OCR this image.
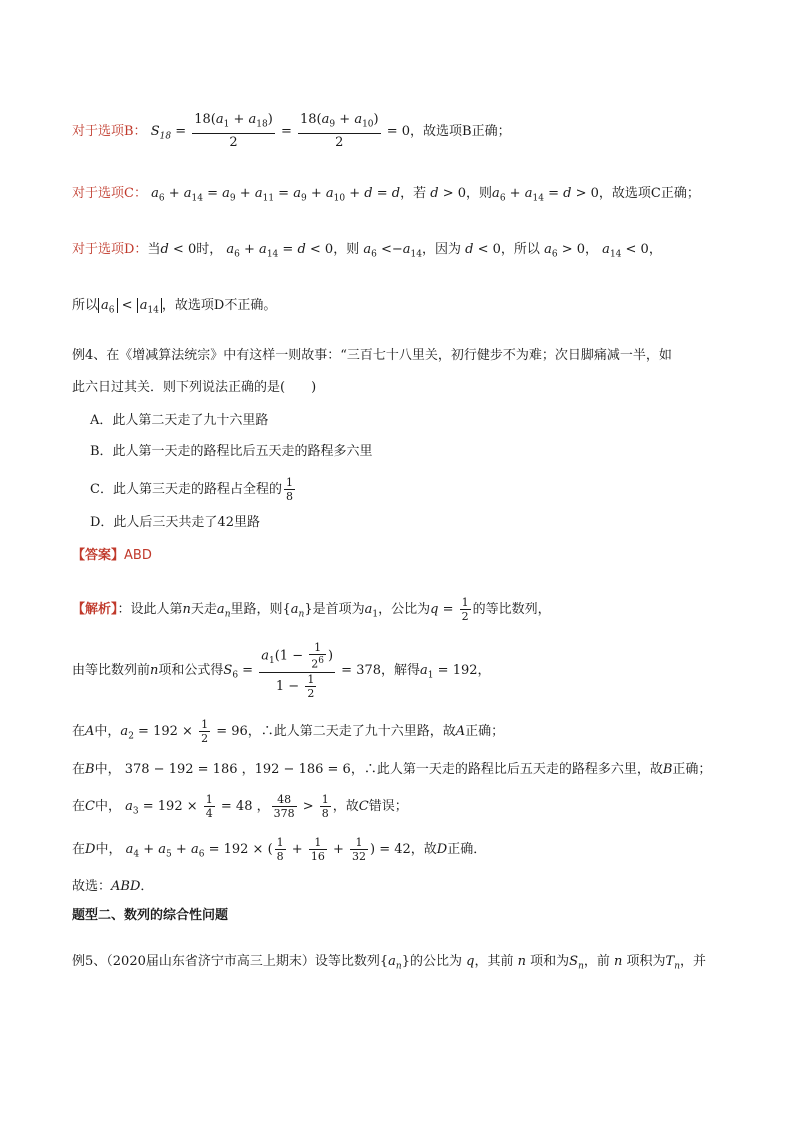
对于选项B： $S_{18} = \frac{18(a_1 + a_{18})}{2} = \frac{18(a_9 + a_{10})}{2} = 0$，故选项B正确；
对于选项C： $a_6 + a_{14} = a_9 + a_{11} = a_9 + a_{10} + d = d$，若 d > 0，则$a_6 + a_{14} = d > 0$，故选项C正确；
对于选项D：当d < 0时， $a_6 + a_{14} = d < 0$，则 $a_6 <-a_{14}$，因为 d < 0，所以 $a_6 > 0$， $a_{14} < 0$，
所以 $a_6 < a_{14}$ ，故选项D不正确。
例4、在《增减算法统宗》中有这样一则故事：“三百七十八里关，初行健步不为难；次日脚痛减一半，如
此六日过其关．则下列说法正确的是(　　)
A．此人第二天走了九十六里路
B．此人第一天走的路程比后五天走的路程多六里
C．此人第三天走的路程占全程的 $\frac{1}{8}$
D．此人后三天共走了42里路
【答案】ABD
【解析】：设此人第n天走$a_n$里路，则$\{a_n\}$是首项为$a_1$，公比为$q = \frac{1}{2}$ 的等比数列，
由等比数列前n项和公式得$S_6 = \frac{a_1(1 - \frac{1}{2^6} )}{1 - \frac{1}{2}} = 378$，解得$a_1 = 192$，
在A中，$a_2 = 192 \times \frac{1}{2} = 96$，∴此人第二天走了九十六里路，故A正确；
在B中， 378 − 192 = 186 ，192 − 186 = 6，∴此人第一天走的路程比后五天走的路程多六里，故B正确；
在C中， $a_3 = 192 \times \frac{1}{4} = 48$ ， $\frac{48}{378} > \frac{1}{8}$ ，故C错误；
在D中， $a_4 + a_5 + a_6 = 192$ × ( $\frac{1}{8} + \frac{1}{16} + \frac{1}{32}$ ) = 42，故D正确．
故选：ABD．
题型二、数列的综合性问题
例5、（2020届山东省济宁市高三上期末）设等比数列$\{a_n\}$的公比为 q，其前 n 项和为$S_n$，前 n 项积为$T_n$，并
